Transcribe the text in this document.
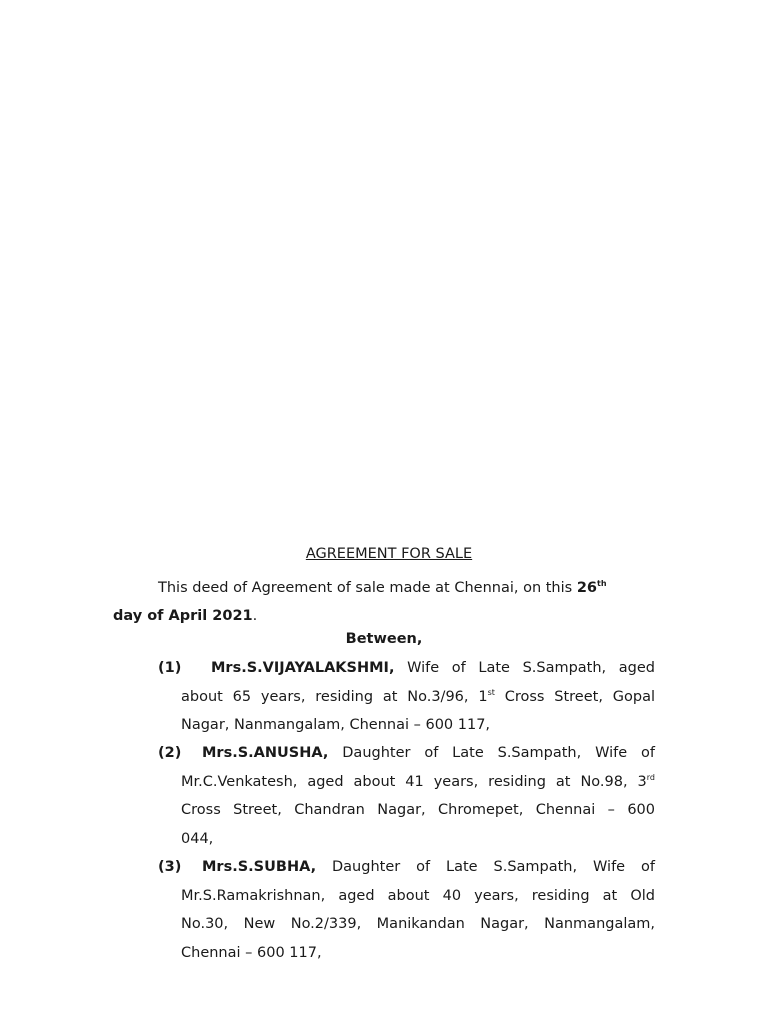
AGREEMENT FOR SALE
This deed of Agreement of sale made at Chennai, on this 26th
day of April 2021.
Between,
(1) Mrs.S.VIJAYALAKSHMI, Wife of Late S.Sampath, aged
about 65 years, residing at No.3/96, 1st Cross Street, Gopal
Nagar, Nanmangalam, Chennai – 600 117,
(2) Mrs.S.ANUSHA, Daughter of Late S.Sampath, Wife of
Mr.C.Venkatesh, aged about 41 years, residing at No.98, 3rd
Cross Street, Chandran Nagar, Chromepet, Chennai – 600
044,
(3) Mrs.S.SUBHA, Daughter of Late S.Sampath, Wife of
Mr.S.Ramakrishnan, aged about 40 years, residing at Old
No.30, New No.2/339, Manikandan Nagar, Nanmangalam,
Chennai – 600 117,
